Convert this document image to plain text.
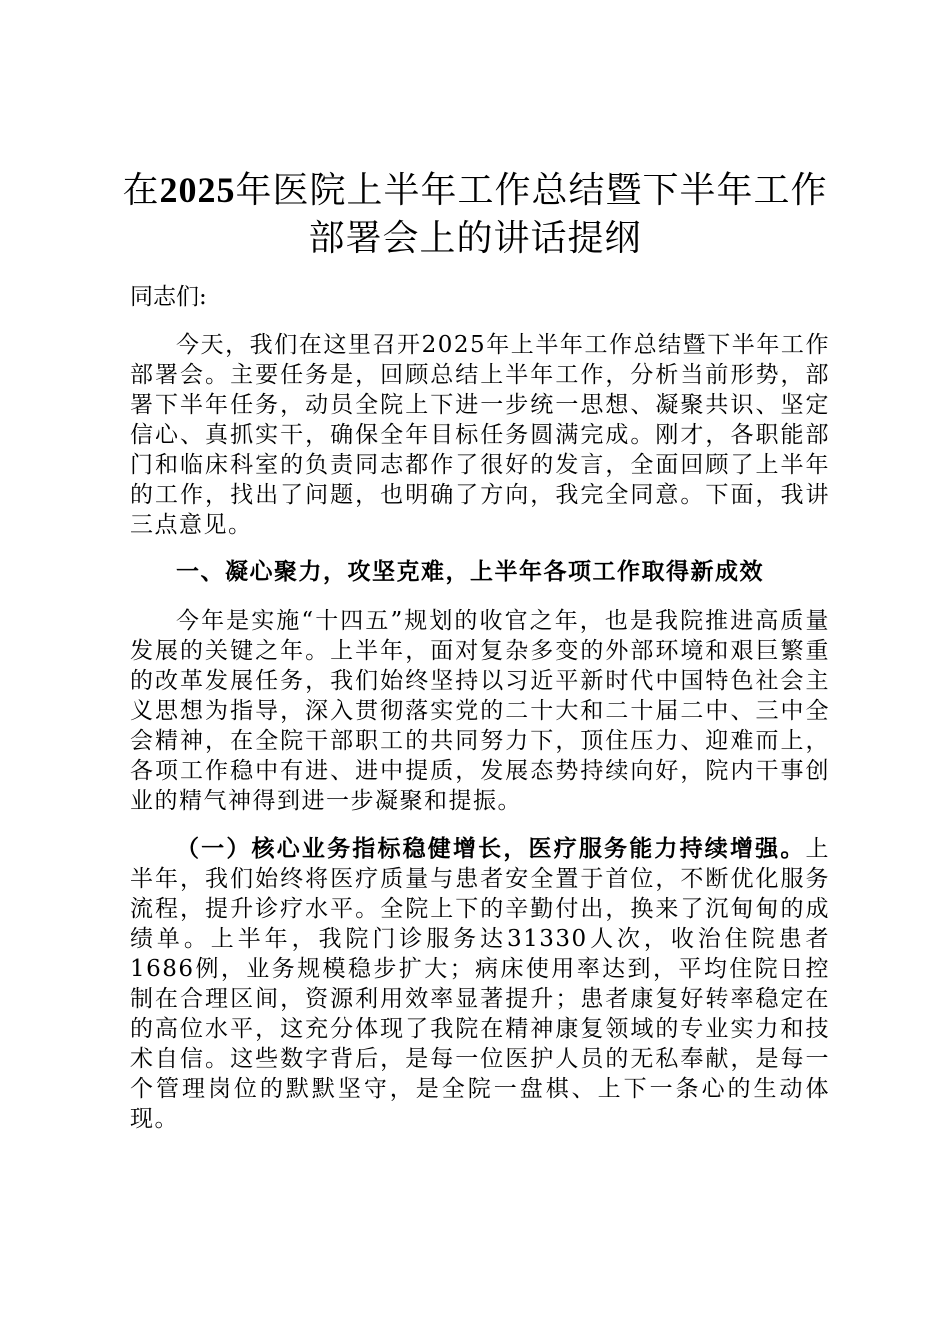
在2025年医院上半年工作总结暨下半年工作
部署会上的讲话提纲

同志们:

今天，我们在这里召开2025年上半年工作总结暨下半年工作部署会。主要任务是，回顾总结上半年工作，分析当前形势，部署下半年任务，动员全院上下进一步统一思想、凝聚共识、坚定信心、真抓实干，确保全年目标任务圆满完成。刚才，各职能部门和临床科室的负责同志都作了很好的发言，全面回顾了上半年的工作，找出了问题，也明确了方向，我完全同意。下面，我讲三点意见。

一、凝心聚力，攻坚克难，上半年各项工作取得新成效

今年是实施“十四五”规划的收官之年，也是我院推进高质量发展的关键之年。上半年，面对复杂多变的外部环境和艰巨繁重的改革发展任务，我们始终坚持以习近平新时代中国特色社会主义思想为指导，深入贯彻落实党的二十大和二十届二中、三中全会精神，在全院干部职工的共同努力下，顶住压力、迎难而上，各项工作稳中有进、进中提质，发展态势持续向好，院内干事创业的精气神得到进一步凝聚和提振。

（一）核心业务指标稳健增长，医疗服务能力持续增强。上半年，我们始终将医疗质量与患者安全置于首位，不断优化服务流程，提升诊疗水平。全院上下的辛勤付出，换来了沉甸甸的成绩单。上半年，我院门诊服务达31330人次，收治住院患者1686例，业务规模稳步扩大；病床使用率达到，平均住院日控制在合理区间，资源利用效率显著提升；患者康复好转率稳定在的高位水平，这充分体现了我院在精神康复领域的专业实力和技术自信。这些数字背后，是每一位医护人员的无私奉献，是每一个管理岗位的默默坚守，是全院一盘棋、上下一条心的生动体现。
